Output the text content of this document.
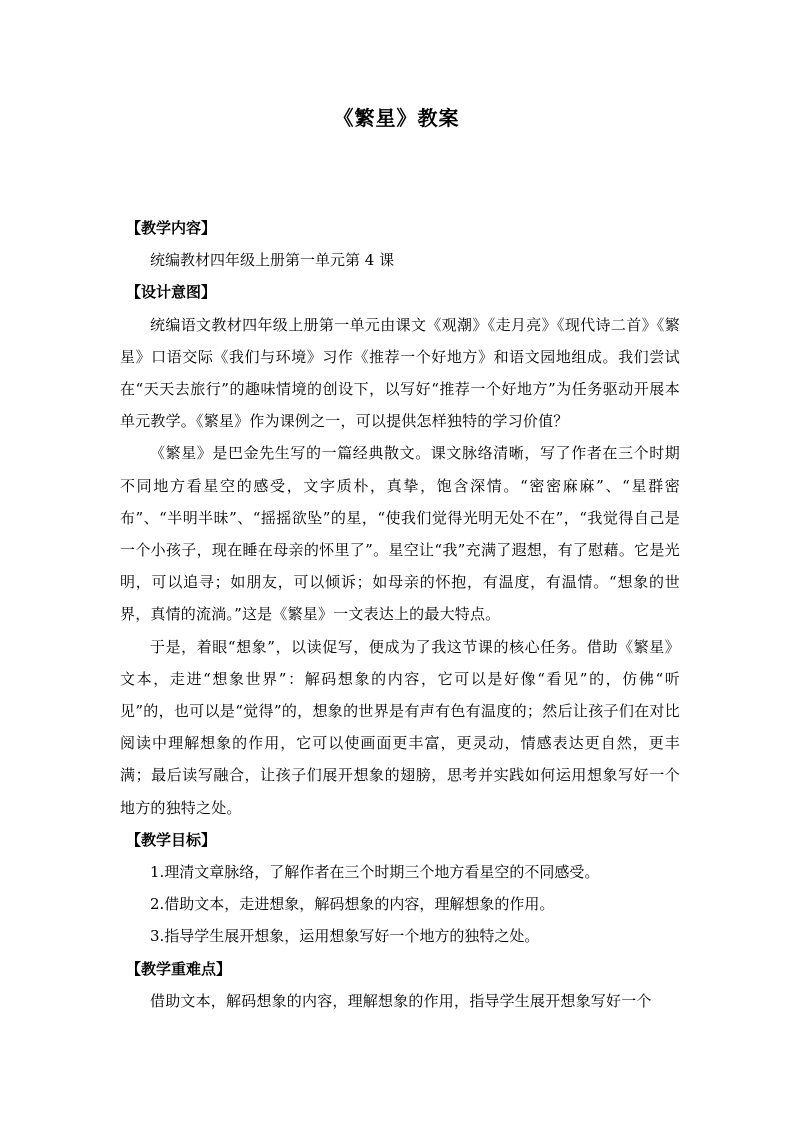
《繁星》教案

【教学内容】

统编教材四年级上册第一单元第 4 课

【设计意图】

统编语文教材四年级上册第一单元由课文《观潮》《走月亮》《现代诗二首》《繁星》口语交际《我们与环境》习作《推荐一个好地方》和语文园地组成。我们尝试在“天天去旅行”的趣味情境的创设下，以写好“推荐一个好地方”为任务驱动开展本单元教学。《繁星》作为课例之一，可以提供怎样独特的学习价值？

《繁星》是巴金先生写的一篇经典散文。课文脉络清晰，写了作者在三个时期不同地方看星空的感受，文字质朴，真挚，饱含深情。“密密麻麻”、“星群密布”、“半明半昧”、“摇摇欲坠”的星，“使我们觉得光明无处不在”，“我觉得自己是一个小孩子，现在睡在母亲的怀里了”。星空让“我”充满了遐想，有了慰藉。它是光明，可以追寻；如朋友，可以倾诉；如母亲的怀抱，有温度，有温情。“想象的世界，真情的流淌。”这是《繁星》一文表达上的最大特点。

于是，着眼“想象”，以读促写，便成为了我这节课的核心任务。借助《繁星》文本，走进“想象世界”：解码想象的内容，它可以是好像“看见”的，仿佛“听见”的，也可以是“觉得”的，想象的世界是有声有色有温度的；然后让孩子们在对比阅读中理解想象的作用，它可以使画面更丰富，更灵动，情感表达更自然，更丰满；最后读写融合，让孩子们展开想象的翅膀，思考并实践如何运用想象写好一个地方的独特之处。

【教学目标】

1.理清文章脉络，了解作者在三个时期三个地方看星空的不同感受。

2.借助文本，走进想象，解码想象的内容，理解想象的作用。

3.指导学生展开想象，运用想象写好一个地方的独特之处。

【教学重难点】

借助文本，解码想象的内容，理解想象的作用，指导学生展开想象写好一个
